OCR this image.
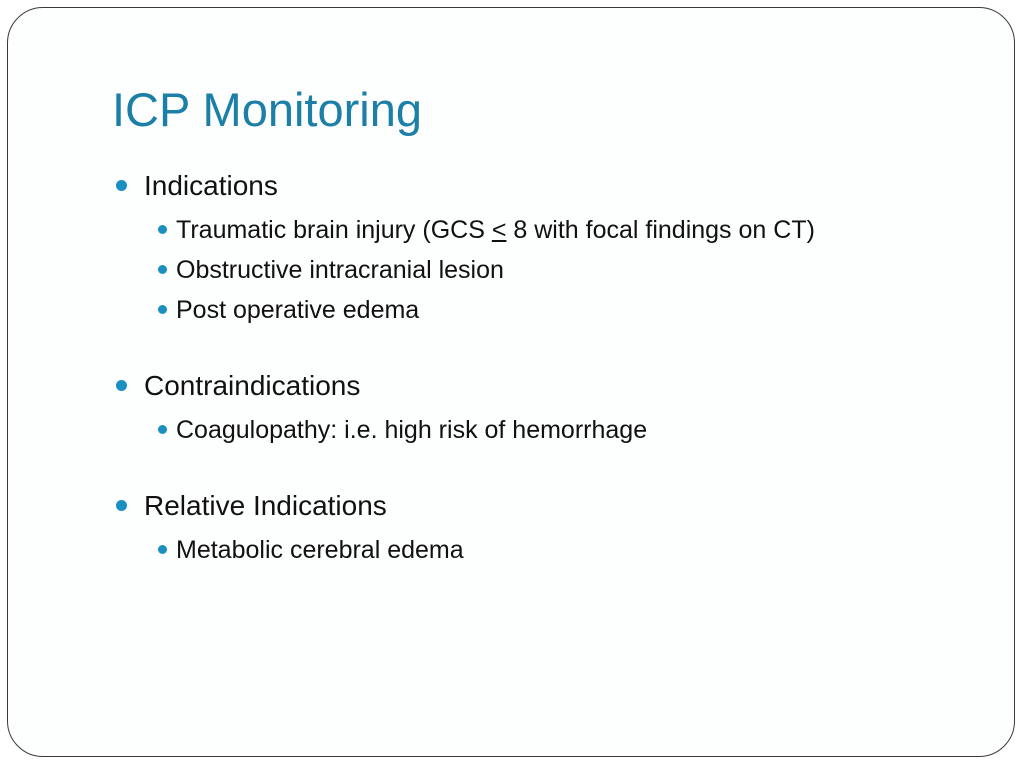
ICP Monitoring
Indications
Traumatic brain injury (GCS ≤ 8 with focal findings on CT)
Obstructive intracranial lesion
Post operative edema
Contraindications
Coagulopathy: i.e. high risk of hemorrhage
Relative Indications
Metabolic cerebral edema
